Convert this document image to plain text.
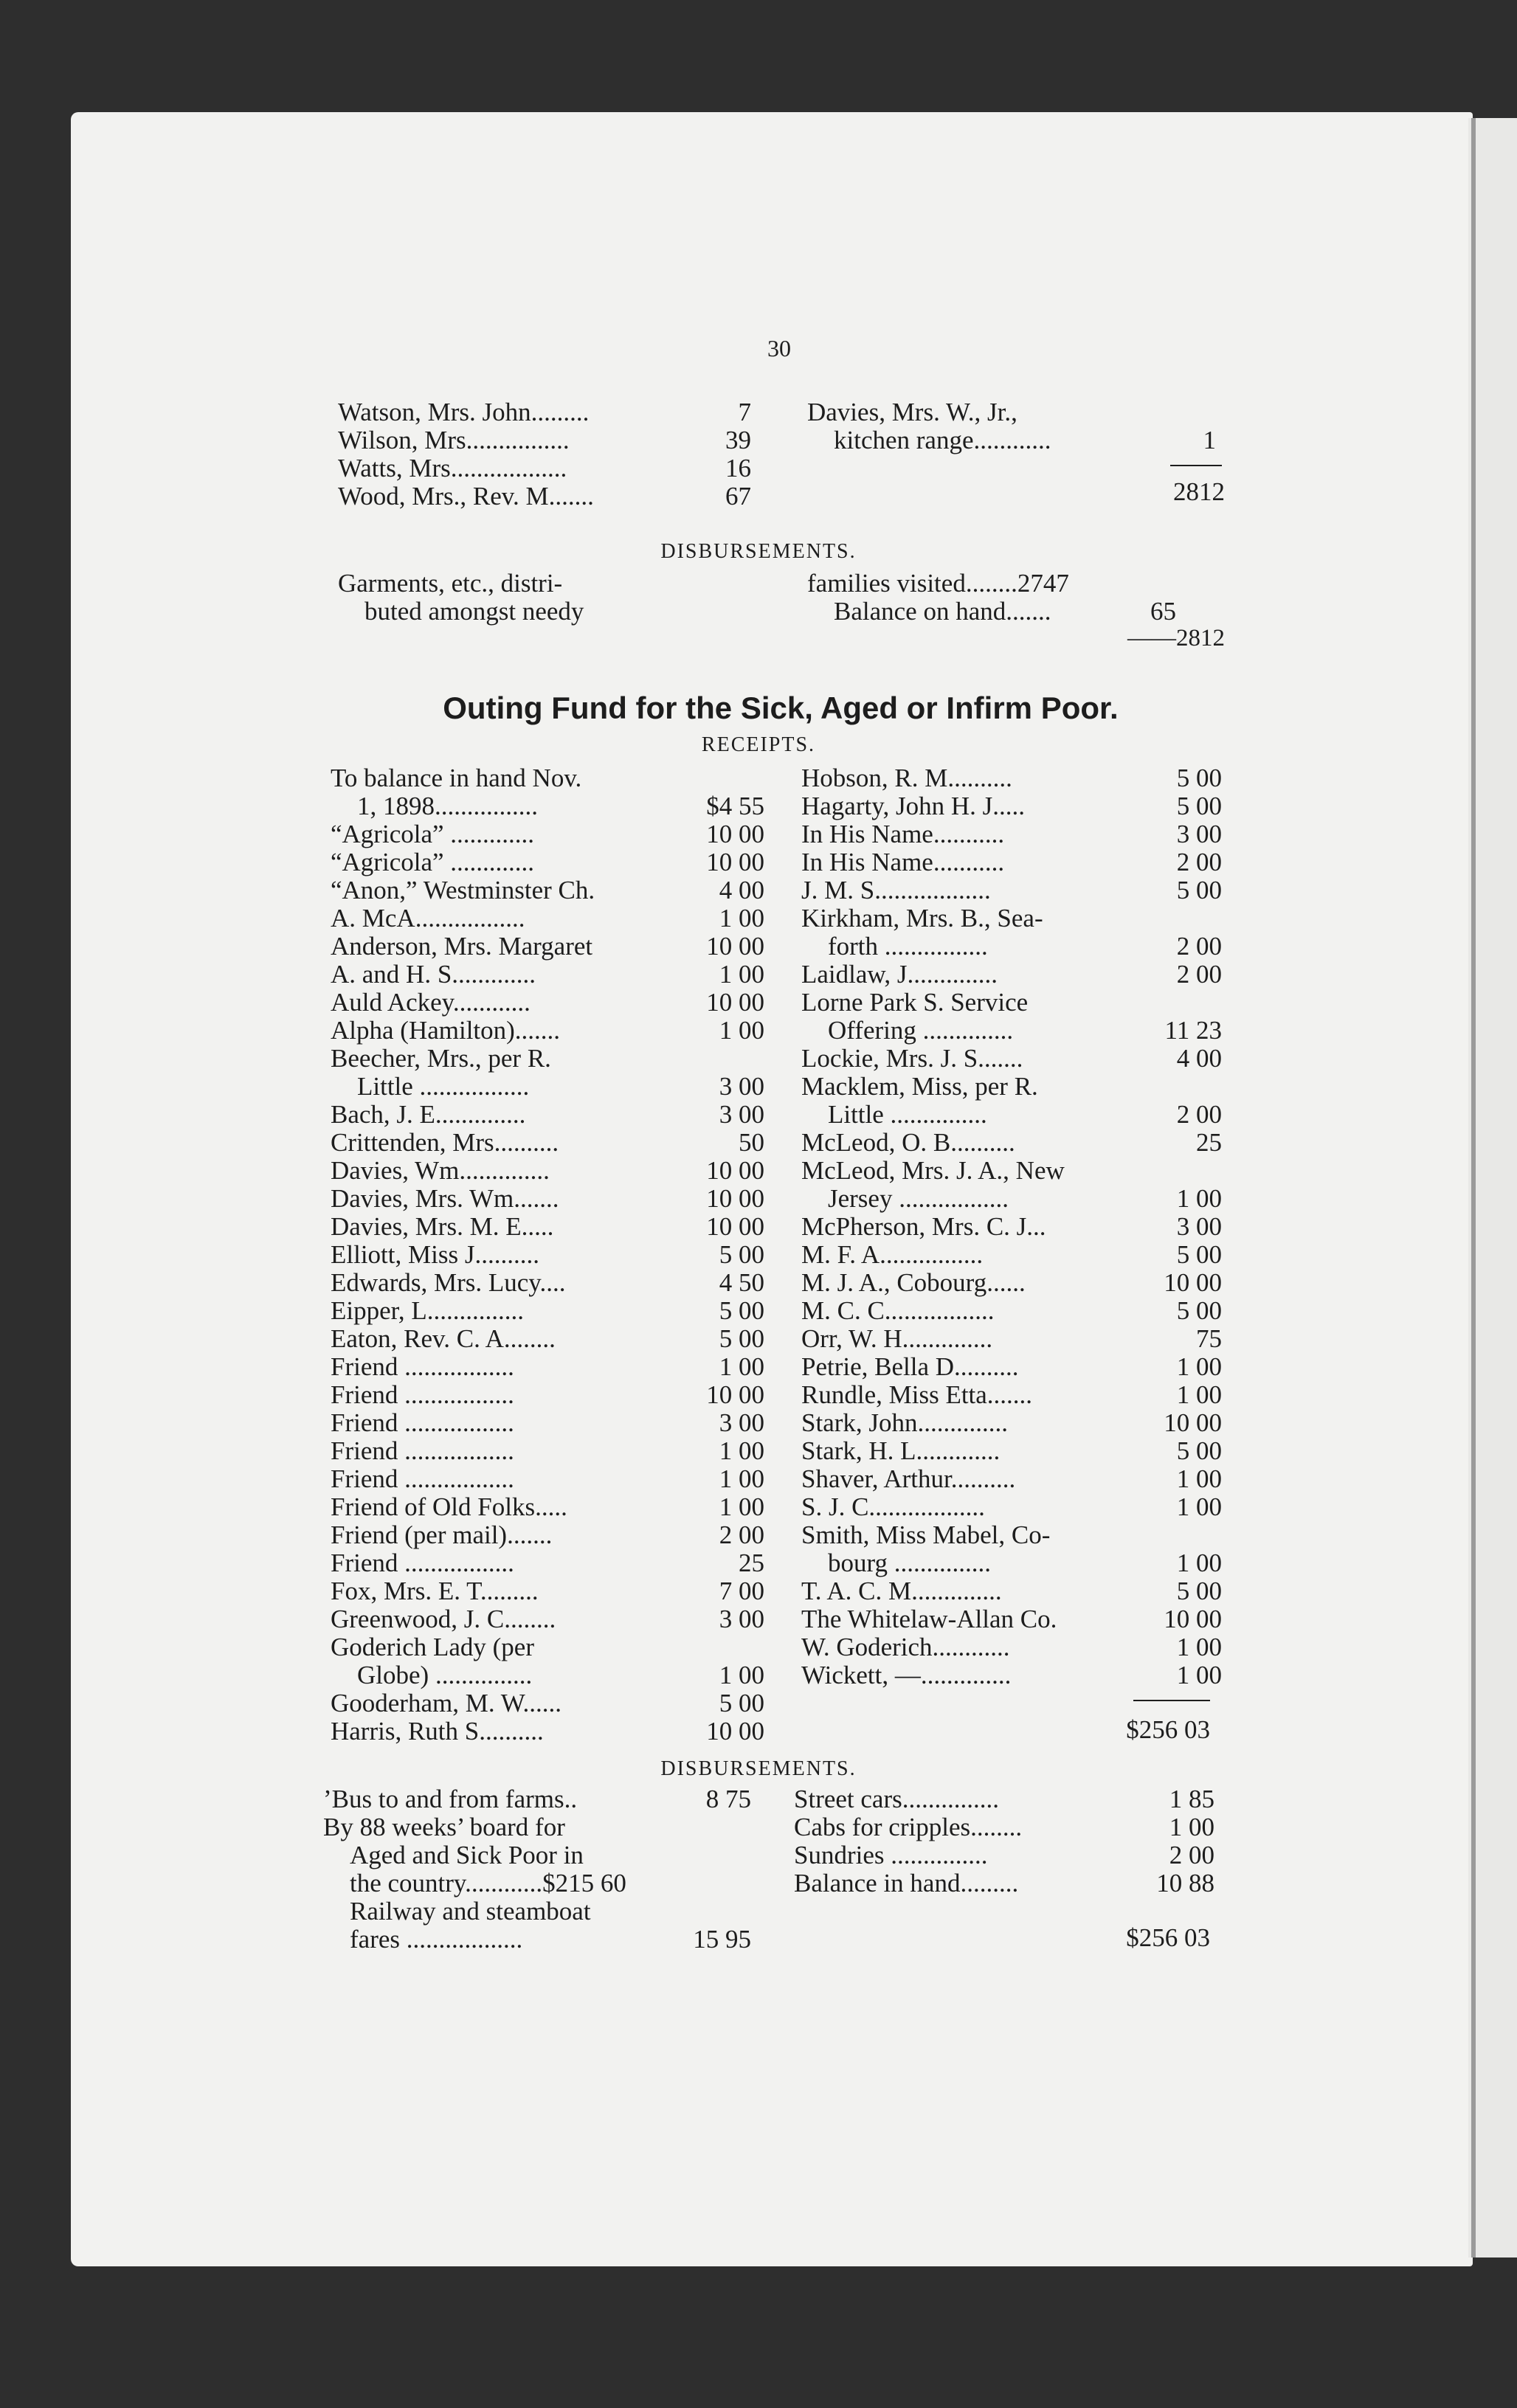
30
Watson, Mrs. John.........	7
Wilson, Mrs................	39
Watts, Mrs..................	16
Wood, Mrs., Rev. M.......	67
Davies, Mrs. W., Jr.,
kitchen range............	1
2812
DISBURSEMENTS.
Garments, etc., distri-
buted amongst needy
families visited........2747
Balance on hand.......	65
——2812
Outing Fund for the Sick, Aged or Infirm Poor.
RECEIPTS.
To balance in hand Nov.
1, 1898................	$4 55
“Agricola” .............	10 00
“Agricola” .............	10 00
“Anon,” Westminster Ch.	4 00
A. McA.................	1 00
Anderson, Mrs. Margaret	10 00
A. and H. S.............	1 00
Auld Ackey............	10 00
Alpha (Hamilton).......	1 00
Beecher, Mrs., per R.
Little .................	3 00
Bach, J. E..............	3 00
Crittenden, Mrs..........	50
Davies, Wm..............	10 00
Davies, Mrs. Wm.......	10 00
Davies, Mrs. M. E.....	10 00
Elliott, Miss J..........	5 00
Edwards, Mrs. Lucy....	4 50
Eipper, L...............	5 00
Eaton, Rev. C. A........	5 00
Friend .................	1 00
Friend .................	10 00
Friend .................	3 00
Friend .................	1 00
Friend .................	1 00
Friend of Old Folks.....	1 00
Friend (per mail).......	2 00
Friend .................	25
Fox, Mrs. E. T.........	7 00
Greenwood, J. C........	3 00
Goderich Lady (per
Globe) ...............	1 00
Gooderham, M. W......	5 00
Harris, Ruth S..........	10 00
Hobson, R. M..........	5 00
Hagarty, John H. J.....	5 00
In His Name...........	3 00
In His Name...........	2 00
J. M. S..................	5 00
Kirkham, Mrs. B., Sea-
forth ................	2 00
Laidlaw, J..............	2 00
Lorne Park S. Service
Offering ..............	11 23
Lockie, Mrs. J. S.......	4 00
Macklem, Miss, per R.
Little ...............	2 00
McLeod, O. B..........	25
McLeod, Mrs. J. A., New
Jersey .................	1 00
McPherson, Mrs. C. J...	3 00
M. F. A................	5 00
M. J. A., Cobourg......	10 00
M. C. C.................	5 00
Orr, W. H..............	75
Petrie, Bella D..........	1 00
Rundle, Miss Etta.......	1 00
Stark, John..............	10 00
Stark, H. L.............	5 00
Shaver, Arthur..........	1 00
S. J. C..................	1 00
Smith, Miss Mabel, Co-
bourg ...............	1 00
T. A. C. M..............	5 00
The Whitelaw-Allan Co.	10 00
W. Goderich............	1 00
Wickett, —..............	1 00
$256 03
DISBURSEMENTS.
’Bus to and from farms..	8 75
By 88 weeks’ board for
Aged and Sick Poor in
the country............$215 60
Railway and steamboat
fares ..................	15 95
Street cars...............	1 85
Cabs for cripples........	1 00
Sundries ...............	2 00
Balance in hand.........	10 88
$256 03
